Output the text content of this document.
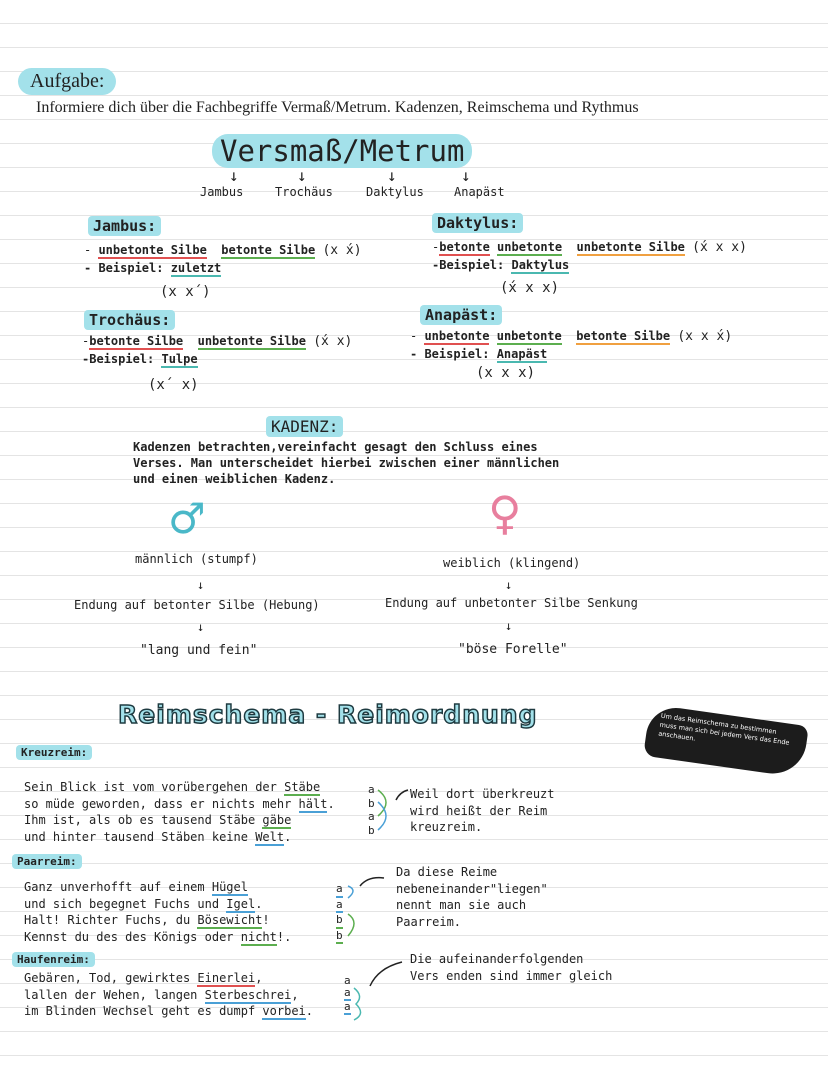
Aufgabe:
Informiere dich über die Fachbegriffe Vermaß/Metrum. Kadenzen, Reimschema und Rythmus
Versmaß/Metrum
↓	↓	↓	↓
Jambus	Trochäus	Daktylus	Anapäst
Jambus:
- unbetonte Silbe betonte Silbe (x x́)
- Beispiel: zuletzt
(x x´)
Trochäus:
-betonte Silbe unbetonte Silbe (x́ x)
-Beispiel: Tulpe
(x´ x)
Daktylus:
-betonte unbetonte unbetonte Silbe (x́ x x)
-Beispiel: Daktylus
(x́ x x)
Anapäst:
- unbetonte unbetonte betonte Silbe (x x x́)
- Beispiel: Anapäst
(x x x)
KADENZ:
Kadenzen betrachten,vereinfacht gesagt den Schluss eines
Verses. Man unterscheidet hierbei zwischen einer männlichen
und einen weiblichen Kadenz.
♂	♀
männlich (stumpf)
↓
Endung auf betonter Silbe (Hebung)
↓
"lang und fein"
weiblich (klingend)
↓
Endung auf unbetonter Silbe Senkung
↓
"böse Forelle"
Reimschema - Reimordnung	Um das Reimschema zu bestimmen muss man sich bei jedem Vers das Ende anschauen.
Kreuzreim:
Sein Blick ist vom vorübergehen der Stäbe
so müde geworden, dass er nichts mehr hält.
Ihm ist, als ob es tausend Stäbe gäbe
und hinter tausend Stäben keine Welt.
a
b
a
b
Weil dort überkreuzt
wird heißt der Reim
kreuzreim.
Paarreim:
Ganz unverhofft auf einem Hügel
und sich begegnet Fuchs und Igel.
Halt! Richter Fuchs, du Bösewicht!
Kennst du des des Königs oder nicht!.
a
a
b
b
Da diese Reime
nebeneinander"liegen"
nennt man sie auch
Paarreim.
Haufenreim:
Gebären, Tod, gewirktes Einerlei,
lallen der Wehen, langen Sterbeschrei,
im Blinden Wechsel geht es dumpf vorbei.
a
a
a
Die aufeinanderfolgenden
Vers enden sind immer gleich
